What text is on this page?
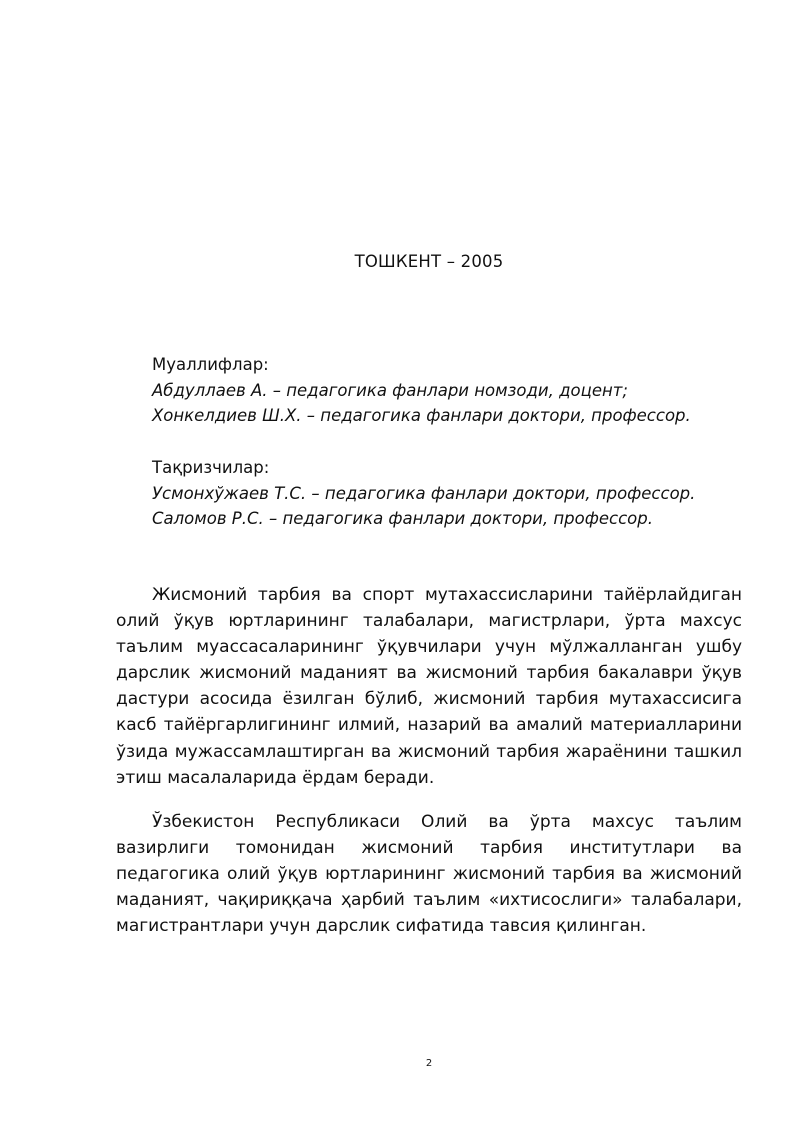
ТОШКЕНТ – 2005
Муаллифлар:
Абдуллаев А. – педагогика фанлари номзоди, доцент;
Хонкелдиев Ш.Х. – педагогика фанлари доктори, профессор.
Тақризчилар:
Усмонхўжаев Т.С. – педагогика фанлари доктори, профессор.
Саломов Р.С. – педагогика фанлари доктори, профессор.

Жисмоний тарбия ва спорт мутахассисларини тайёрлайдиган олий ўқув юртларининг талабалари, магистрлари, ўрта махсус таълим муассасаларининг ўқувчилари учун мўлжалланган ушбу дарслик жисмоний маданият ва жисмоний тарбия бакалаври ўқув дастури асосида ёзилган бўлиб, жисмоний тарбия мутахассисига касб тайёргарлигининг илмий, назарий ва амалий материалларини ўзида мужассамлаштирган ва жисмоний тарбия жараёнини ташкил этиш масалаларида ёрдам беради.

Ўзбекистон Республикаси Олий ва ўрта махсус таълим вазирлиги томонидан жисмоний тарбия институтлари ва педагогика олий ўқув юртларининг жисмоний тарбия ва жисмоний маданият, чақириққача ҳарбий таълим «ихтисослиги» талабалари, магистрантлари учун дарслик сифатида тавсия қилинган.

2
